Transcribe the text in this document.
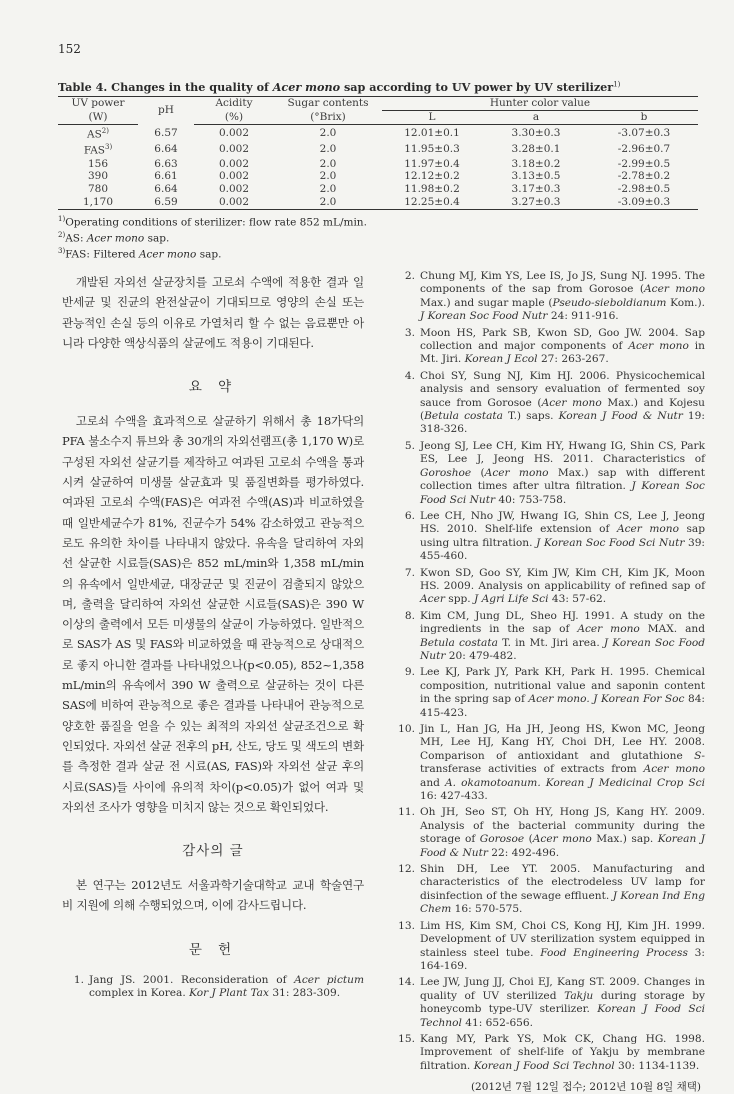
152
Table 4. Changes in the quality of Acer mono sap according to UV power by UV sterilizer$^{1)}$
UV power	pH	Acidity	Sugar contents	Hunter color value		
(W)		(%)	(°Brix)	L	a	b
AS$^{2)}$	6.57	0.002	2.0	12.01±0.1	3.30±0.3	-3.07±0.3
FAS$^{3)}$	6.64	0.002	2.0	11.95±0.3	3.28±0.1	-2.96±0.7
156	6.63	0.002	2.0	11.97±0.4	3.18±0.2	-2.99±0.5
390	6.61	0.002	2.0	12.12±0.2	3.13±0.5	-2.78±0.2
780	6.64	0.002	2.0	11.98±0.2	3.17±0.3	-2.98±0.5
1,170	6.59	0.002	2.0	12.25±0.4	3.27±0.3	-3.09±0.3
$^{1)}$Operating conditions of sterilizer: flow rate 852 mL/min.
$^{2)}$AS: Acer mono sap.
$^{3)}$FAS: Filtered Acer mono sap.

개발된 자외선 살균장치를 고로쇠 수액에 적용한 결과 일반세균 및 진균의 완전살균이 기대되므로 영양의 손실 또는 관능적인 손실 등의 이유로 가열처리 할 수 없는 음료뿐만 아니라 다양한 액상식품의 살균에도 적용이 기대된다.

요 약

고로쇠 수액을 효과적으로 살균하기 위해서 총 18가닥의 PFA 불소수지 튜브와 총 30개의 자외선램프(총 1,170 W)로 구성된 자외선 살균기를 제작하고 여과된 고로쇠 수액을 통과시켜 살균하여 미생물 살균효과 및 품질변화를 평가하였다. 여과된 고로쇠 수액(FAS)은 여과전 수액(AS)과 비교하였을 때 일반세균수가 81%, 진균수가 54% 감소하였고 관능적으로도 유의한 차이를 나타내지 않았다. 유속을 달리하여 자외선 살균한 시료들(SAS)은 852 mL/min와 1,358 mL/min의 유속에서 일반세균, 대장균군 및 진균이 검출되지 않았으며, 출력을 달리하여 자외선 살균한 시료들(SAS)은 390 W 이상의 출력에서 모든 미생물의 살균이 가능하였다. 일반적으로 SAS가 AS 및 FAS와 비교하였을 때 관능적으로 상대적으로 좋지 아니한 결과를 나타내었으나(p<0.05), 852~1,358 mL/min의 유속에서 390 W 출력으로 살균하는 것이 다른 SAS에 비하여 관능적으로 좋은 결과를 나타내어 관능적으로 양호한 품질을 얻을 수 있는 최적의 자외선 살균조건으로 확인되었다. 자외선 살균 전후의 pH, 산도, 당도 및 색도의 변화를 측정한 결과 살균 전 시료(AS, FAS)와 자외선 살균 후의 시료(SAS)들 사이에 유의적 차이(p<0.05)가 없어 여과 및 자외선 조사가 영향을 미치지 않는 것으로 확인되었다.

감사의 글

본 연구는 2012년도 서울과학기술대학교 교내 학술연구비 지원에 의해 수행되었으며, 이에 감사드립니다.

문 헌
1. Jang JS. 2001. Reconsideration of Acer pictum complex in Korea. Kor J Plant Tax 31: 283-309.
2. Chung MJ, Kim YS, Lee IS, Jo JS, Sung NJ. 1995. The components of the sap from Gorosoe (Acer mono Max.) and sugar maple (Pseudo-sieboldianum Kom.). J Korean Soc Food Nutr 24: 911-916.
3. Moon HS, Park SB, Kwon SD, Goo JW. 2004. Sap collection and major components of Acer mono in Mt. Jiri. Korean J Ecol 27: 263-267.
4. Choi SY, Sung NJ, Kim HJ. 2006. Physicochemical analysis and sensory evaluation of fermented soy sauce from Gorosoe (Acer mono Max.) and Kojesu (Betula costata T.) saps. Korean J Food & Nutr 19: 318-326.
5. Jeong SJ, Lee CH, Kim HY, Hwang IG, Shin CS, Park ES, Lee J, Jeong HS. 2011. Characteristics of Goroshoe (Acer mono Max.) sap with different collection times after ultra filtration. J Korean Soc Food Sci Nutr 40: 753-758.
6. Lee CH, Nho JW, Hwang IG, Shin CS, Lee J, Jeong HS. 2010. Shelf-life extension of Acer mono sap using ultra filtration. J Korean Soc Food Sci Nutr 39: 455-460.
7. Kwon SD, Goo SY, Kim JW, Kim CH, Kim JK, Moon HS. 2009. Analysis on applicability of refined sap of Acer spp. J Agri Life Sci 43: 57-62.
8. Kim CM, Jung DL, Sheo HJ. 1991. A study on the ingredients in the sap of Acer mono MAX. and Betula costata T. in Mt. Jiri area. J Korean Soc Food Nutr 20: 479-482.
9. Lee KJ, Park JY, Park KH, Park H. 1995. Chemical composition, nutritional value and saponin content in the spring sap of Acer mono. J Korean For Soc 84: 415-423.
10. Jin L, Han JG, Ha JH, Jeong HS, Kwon MC, Jeong MH, Lee HJ, Kang HY, Choi DH, Lee HY. 2008. Comparison of antioxidant and glutathione S-transferase activities of extracts from Acer mono and A. okamotoanum. Korean J Medicinal Crop Sci 16: 427-433.
11. Oh JH, Seo ST, Oh HY, Hong JS, Kang HY. 2009. Analysis of the bacterial community during the storage of Gorosoe (Acer mono Max.) sap. Korean J Food & Nutr 22: 492-496.
12. Shin DH, Lee YT. 2005. Manufacturing and characteristics of the electrodeless UV lamp for disinfection of the sewage effluent. J Korean Ind Eng Chem 16: 570-575.
13. Lim HS, Kim SM, Choi CS, Kong HJ, Kim JH. 1999. Development of UV sterilization system equipped in stainless steel tube. Food Engineering Process 3: 164-169.
14. Lee JW, Jung JJ, Choi EJ, Kang ST. 2009. Changes in quality of UV sterilized Takju during storage by honeycomb type-UV sterilizer. Korean J Food Sci Technol 41: 652-656.
15. Kang MY, Park YS, Mok CK, Chang HG. 1998. Improvement of shelf-life of Yakju by membrane filtration. Korean J Food Sci Technol 30: 1134-1139.
(2012년 7월 12일 접수; 2012년 10월 8일 채택)
